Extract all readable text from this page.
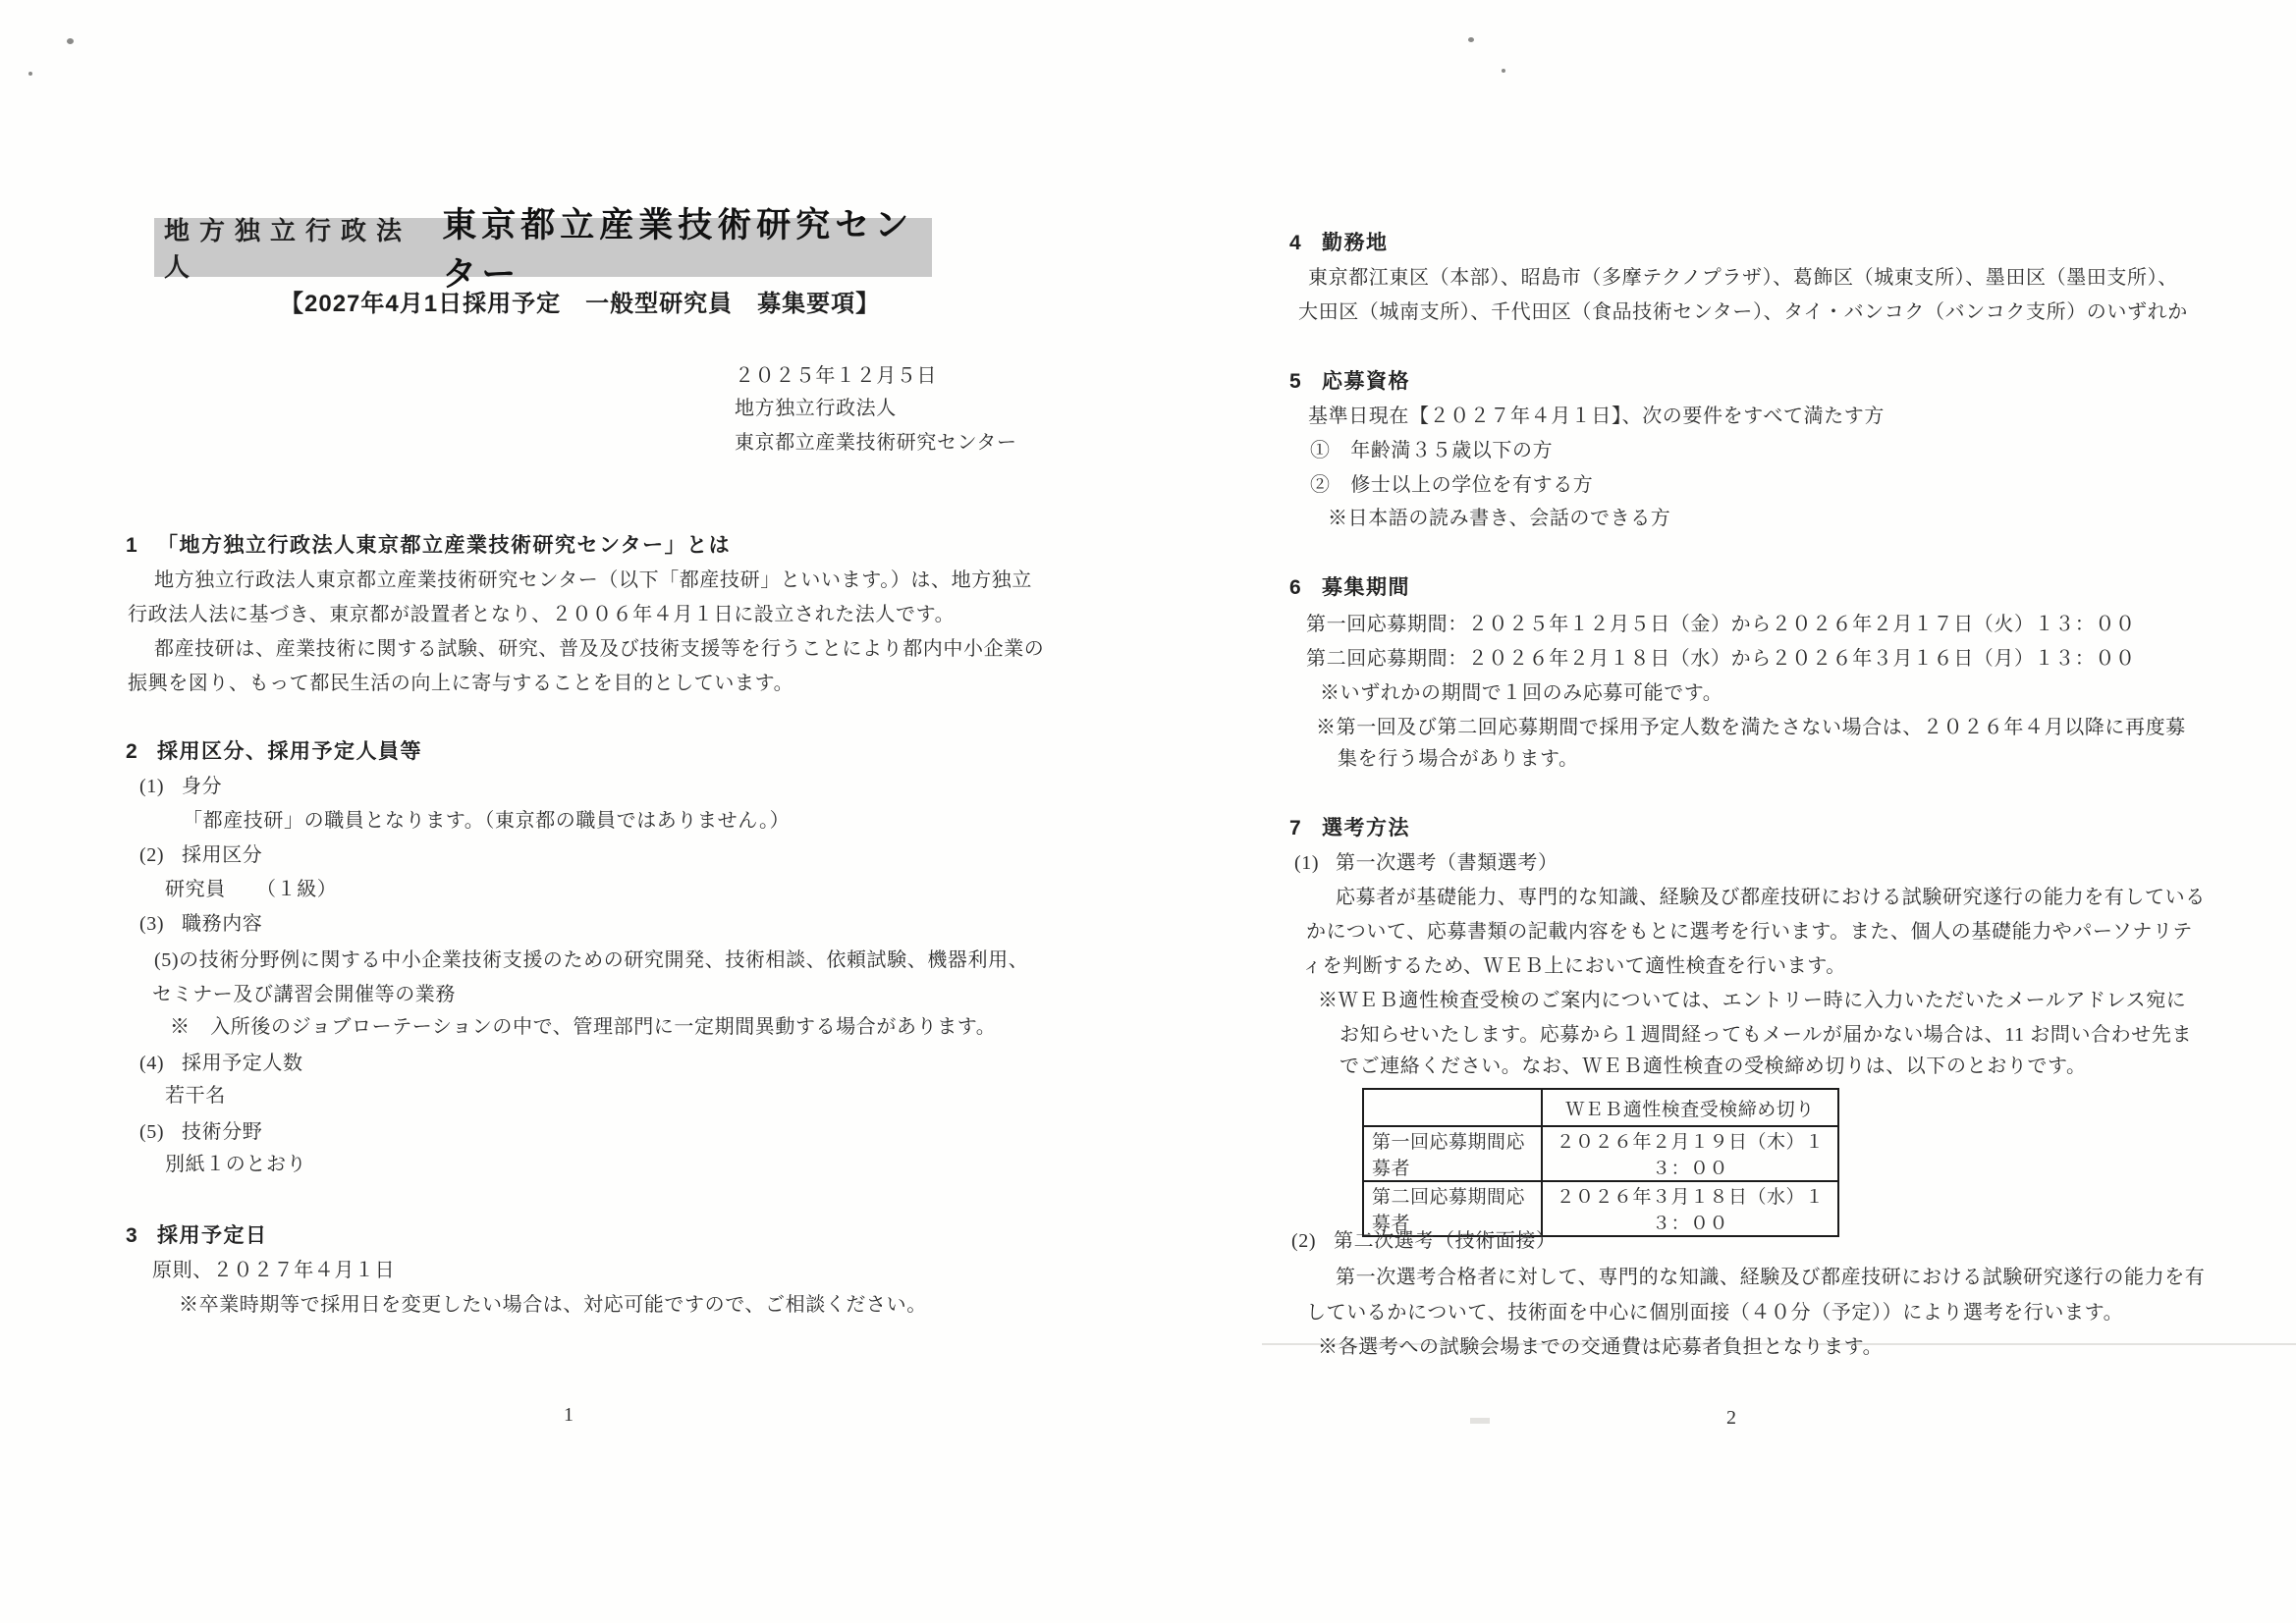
地方独立行政法人
東京都立産業技術研究センター
【2027年4月1日採用予定　一般型研究員　募集要項】
２０２５年１２月５日
地方独立行政法人
東京都立産業技術研究センター
1 「地方独立行政法人東京都立産業技術研究センター」とは
地方独立行政法人東京都立産業技術研究センター（以下「都産技研」といいます。）は、地方独立
行政法人法に基づき、東京都が設置者となり、２００６年４月１日に設立された法人です。
都産技研は、産業技術に関する試験、研究、普及及び技術支援等を行うことにより都内中小企業の
振興を図り、もって都民生活の向上に寄与することを目的としています。
2 採用区分、採用予定人員等
(1) 身分
「都産技研」の職員となります。（東京都の職員ではありません。）
(2) 採用区分
研究員　　（１級）
(3) 職務内容
(5)の技術分野例に関する中小企業技術支援のための研究開発、技術相談、依頼試験、機器利用、
セミナー及び講習会開催等の業務
※　入所後のジョブローテーションの中で、管理部門に一定期間異動する場合があります。
(4) 採用予定人数
若干名
(5) 技術分野
別紙１のとおり
3 採用予定日
原則、２０２７年４月１日
※卒業時期等で採用日を変更したい場合は、対応可能ですので、ご相談ください。
1
4 勤務地
東京都江東区（本部）、昭島市（多摩テクノプラザ）、葛飾区（城東支所）、墨田区（墨田支所）、
大田区（城南支所）、千代田区（食品技術センター）、タイ・バンコク（バンコク支所）のいずれか
5 応募資格
基準日現在【２０２７年４月１日】、次の要件をすべて満たす方
①　年齢満３５歳以下の方
②　修士以上の学位を有する方
※日本語の読み書き、会話のできる方
6 募集期間
第一回応募期間：２０２５年１２月５日（金）から２０２６年２月１７日（火）１３：００
第二回応募期間：２０２６年２月１８日（水）から２０２６年３月１６日（月）１３：００
※いずれかの期間で１回のみ応募可能です。
※第一回及び第二回応募期間で採用予定人数を満たさない場合は、２０２６年４月以降に再度募
集を行う場合があります。
7 選考方法
(1) 第一次選考（書類選考）
応募者が基礎能力、専門的な知識、経験及び都産技研における試験研究遂行の能力を有している
かについて、応募書類の記載内容をもとに選考を行います。また、個人の基礎能力やパーソナリテ
ィを判断するため、ＷＥＢ上において適性検査を行います。
※ＷＥＢ適性検査受検のご案内については、エントリー時に入力いただいたメールアドレス宛に
お知らせいたします。応募から１週間経ってもメールが届かない場合は、11 お問い合わせ先ま
でご連絡ください。なお、ＷＥＢ適性検査の受検締め切りは、以下のとおりです。
	ＷＥＢ適性検査受検締め切り
第一回応募期間応募者	２０２６年２月１９日（木）１３：００
第二回応募期間応募者	２０２６年３月１８日（水）１３：００
(2) 第二次選考（技術面接）
第一次選考合格者に対して、専門的な知識、経験及び都産技研における試験研究遂行の能力を有
しているかについて、技術面を中心に個別面接（４０分（予定））により選考を行います。
※各選考への試験会場までの交通費は応募者負担となります。
2
